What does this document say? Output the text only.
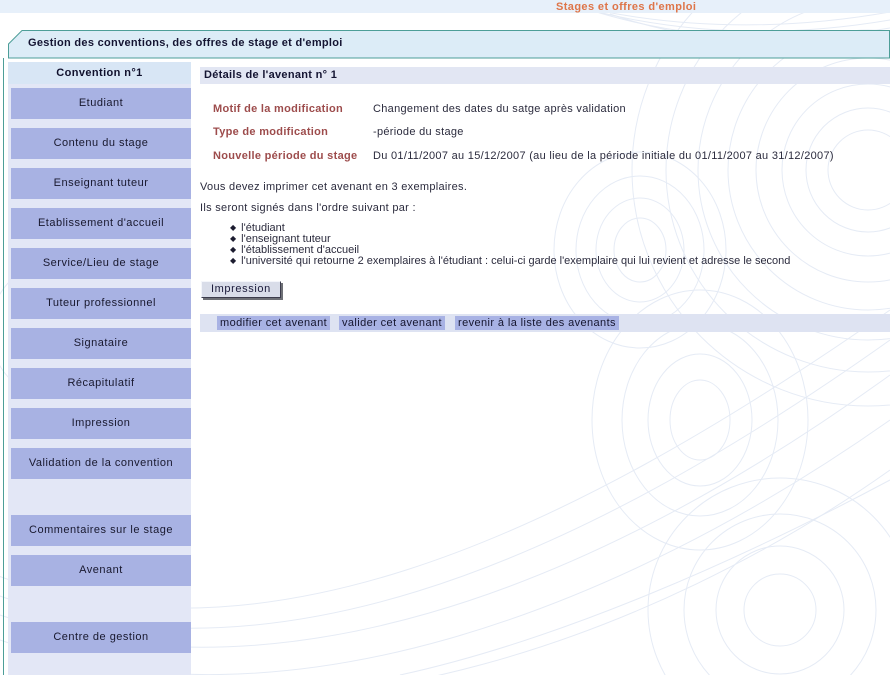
Stages et offres d'emploi
Gestion des conventions, des offres de stage et d'emploi
Convention n°1
Etudiant
Contenu du stage
Enseignant tuteur
Etablissement d'accueil
Service/Lieu de stage
Tuteur professionnel
Signataire
Récapitulatif
Impression
Validation de la convention
Commentaires sur le stage
Avenant
Centre de gestion
Détails de l'avenant n° 1
Motif de la modification	Changement des dates du satge après validation
Type de modification	-période du stage
Nouvelle période du stage Du 01/11/2007 au 15/12/2007 (au lieu de la période initiale du 01/11/2007 au 31/12/2007)
Vous devez imprimer cet avenant en 3 exemplaires.
Ils seront signés dans l'ordre suivant par :
◆ l'étudiant
◆ l'enseignant tuteur
◆ l'établissement d'accueil
◆ l'université qui retourne 2 exemplaires à l'étudiant : celui-ci garde l'exemplaire qui lui revient et adresse le second
Impression
modifier cet avenant valider cet avenant revenir à la liste des avenants
